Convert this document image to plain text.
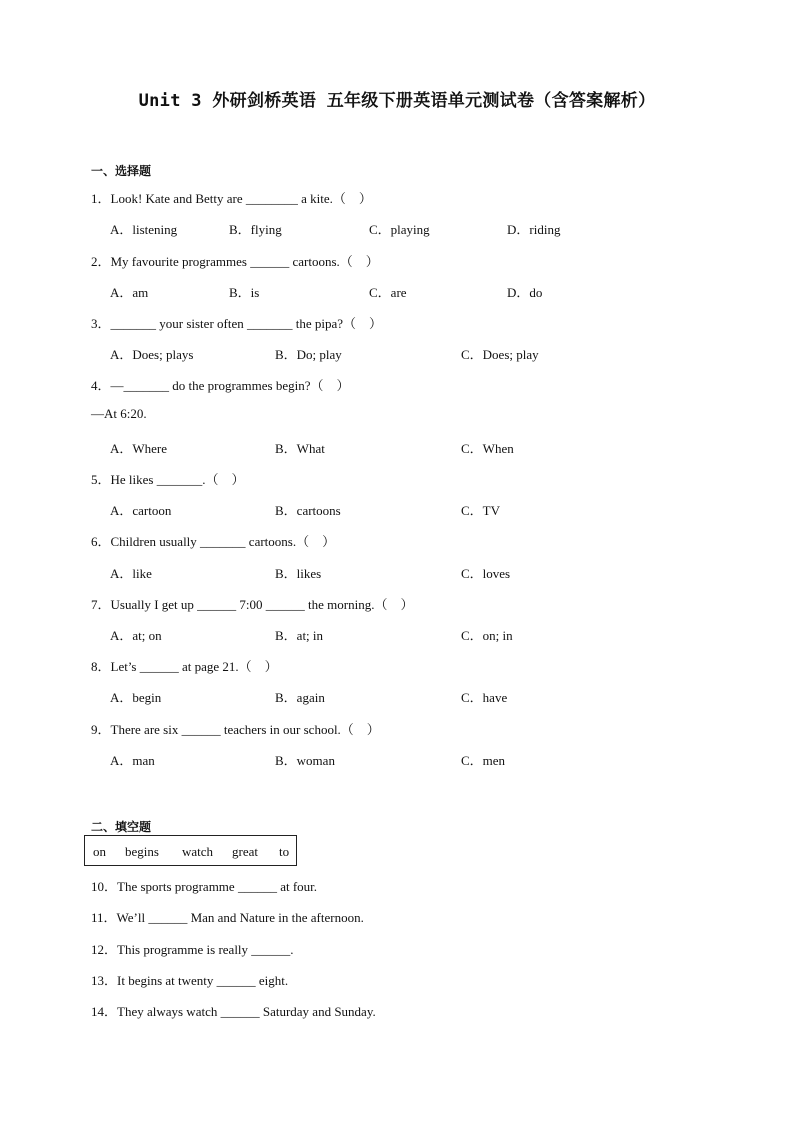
Unit 3 外研剑桥英语 五年级下册英语单元测试卷（含答案解析）
一、选择题
1．Look! Kate and Betty are ________ a kite.（　）
A．listening	B．flying	C．playing	D．riding
2．My favourite programmes ______ cartoons.（　）
A．am	B．is	C．are	D．do
3．_______ your sister often _______ the pipa?（　）
A．Does; plays	B．Do; play	C．Does; play
4．—_______ do the programmes begin?（　）
—At 6:20.
A．Where	B．What	C．When
5．He likes _______.（　）
A．cartoon	B．cartoons	C．TV
6．Children usually _______ cartoons.（　）
A．like	B．likes	C．loves
7．Usually I get up ______ 7:00 ______ the morning.（　）
A．at; on	B．at; in	C．on; in
8．Let’s ______ at page 21.（　）
A．begin	B．again	C．have
9．There are six ______ teachers in our school.（　）
A．man	B．woman	C．men
二、填空题
on begins watch great to
10．The sports programme ______ at four.
11．We’ll ______ Man and Nature in the afternoon.
12．This programme is really ______.
13．It begins at twenty ______ eight.
14．They always watch ______ Saturday and Sunday.
